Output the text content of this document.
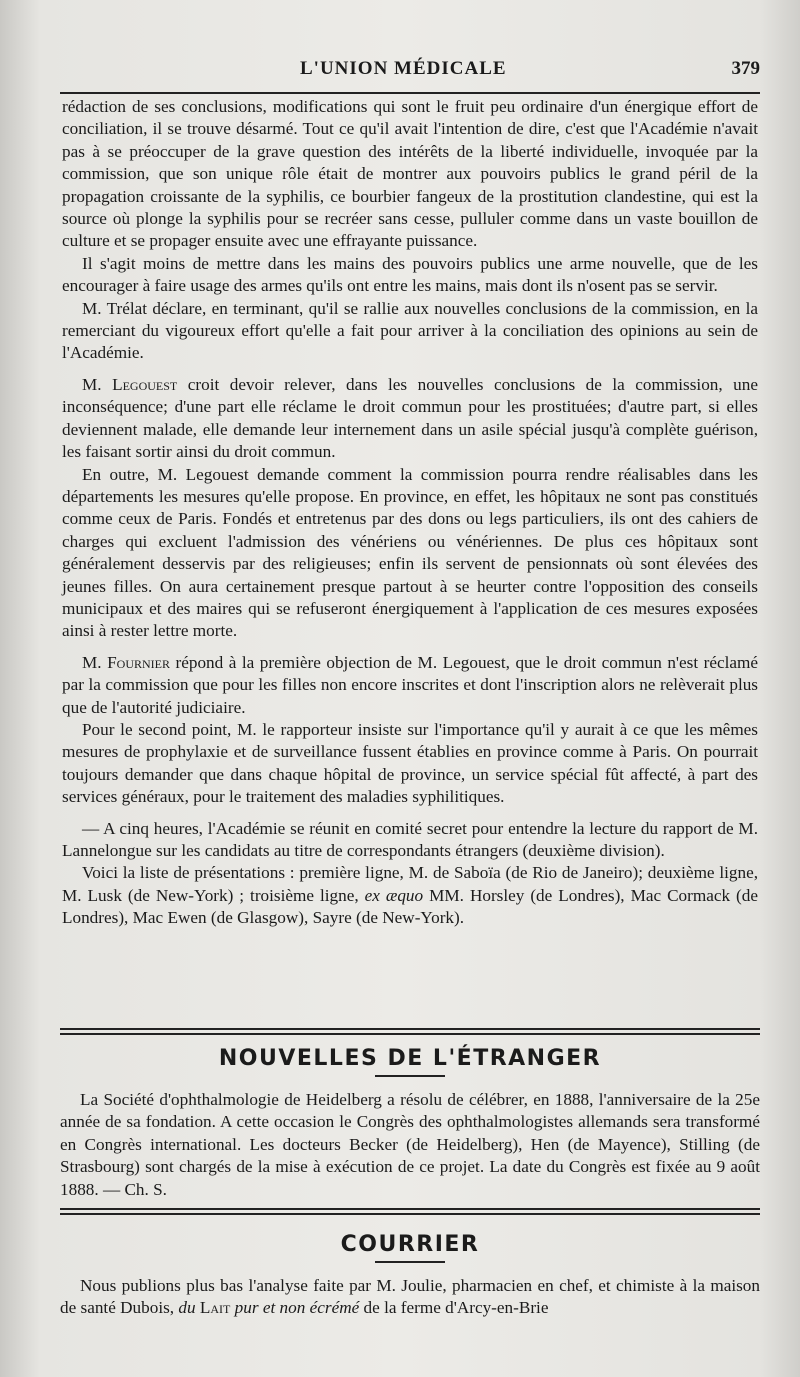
L'UNION MÉDICALE	379

rédaction de ses conclusions, modifications qui sont le fruit peu ordinaire d'un énergique effort de conciliation, il se trouve désarmé. Tout ce qu'il avait l'intention de dire, c'est que l'Académie n'avait pas à se préoccuper de la grave question des intérêts de la liberté individuelle, invoquée par la commission, que son unique rôle était de montrer aux pouvoirs publics le grand péril de la propagation croissante de la syphilis, ce bourbier fangeux de la prostitution clandestine, qui est la source où plonge la syphilis pour se recréer sans cesse, pulluler comme dans un vaste bouillon de culture et se propager ensuite avec une effrayante puissance.

Il s'agit moins de mettre dans les mains des pouvoirs publics une arme nouvelle, que de les encourager à faire usage des armes qu'ils ont entre les mains, mais dont ils n'osent pas se servir.

M. Trélat déclare, en terminant, qu'il se rallie aux nouvelles conclusions de la commission, en la remerciant du vigoureux effort qu'elle a fait pour arriver à la conciliation des opinions au sein de l'Académie.

M. Legouest croit devoir relever, dans les nouvelles conclusions de la commission, une inconséquence; d'une part elle réclame le droit commun pour les prostituées; d'autre part, si elles deviennent malade, elle demande leur internement dans un asile spécial jusqu'à complète guérison, les faisant sortir ainsi du droit commun.

En outre, M. Legouest demande comment la commission pourra rendre réalisables dans les départements les mesures qu'elle propose. En province, en effet, les hôpitaux ne sont pas constitués comme ceux de Paris. Fondés et entretenus par des dons ou legs particuliers, ils ont des cahiers de charges qui excluent l'admission des vénériens ou vénériennes. De plus ces hôpitaux sont généralement desservis par des religieuses; enfin ils servent de pensionnats où sont élevées des jeunes filles. On aura certainement presque partout à se heurter contre l'opposition des conseils municipaux et des maires qui se refuseront énergiquement à l'application de ces mesures exposées ainsi à rester lettre morte.

M. Fournier répond à la première objection de M. Legouest, que le droit commun n'est réclamé par la commission que pour les filles non encore inscrites et dont l'inscription alors ne relèverait plus que de l'autorité judiciaire.

Pour le second point, M. le rapporteur insiste sur l'importance qu'il y aurait à ce que les mêmes mesures de prophylaxie et de surveillance fussent établies en province comme à Paris. On pourrait toujours demander que dans chaque hôpital de province, un service spécial fût affecté, à part des services généraux, pour le traitement des maladies syphilitiques.

— A cinq heures, l'Académie se réunit en comité secret pour entendre la lecture du rapport de M. Lannelongue sur les candidats au titre de correspondants étrangers (deuxième division).

Voici la liste de présentations : première ligne, M. de Saboïa (de Rio de Janeiro); deuxième ligne, M. Lusk (de New-York) ; troisième ligne, ex æquo MM. Horsley (de Londres), Mac Cormack (de Londres), Mac Ewen (de Glasgow), Sayre (de New-York).

NOUVELLES DE L'ÉTRANGER

La Société d'ophthalmologie de Heidelberg a résolu de célébrer, en 1888, l'anniversaire de la 25e année de sa fondation. A cette occasion le Congrès des ophthalmologistes allemands sera transformé en Congrès international. Les docteurs Becker (de Heidelberg), Hen (de Mayence), Stilling (de Strasbourg) sont chargés de la mise à exécution de ce projet. La date du Congrès est fixée au 9 août 1888. — Ch. S.

COURRIER

Nous publions plus bas l'analyse faite par M. Joulie, pharmacien en chef, et chimiste à la maison de santé Dubois, du Lait pur et non écrémé de la ferme d'Arcy-en-Brie
